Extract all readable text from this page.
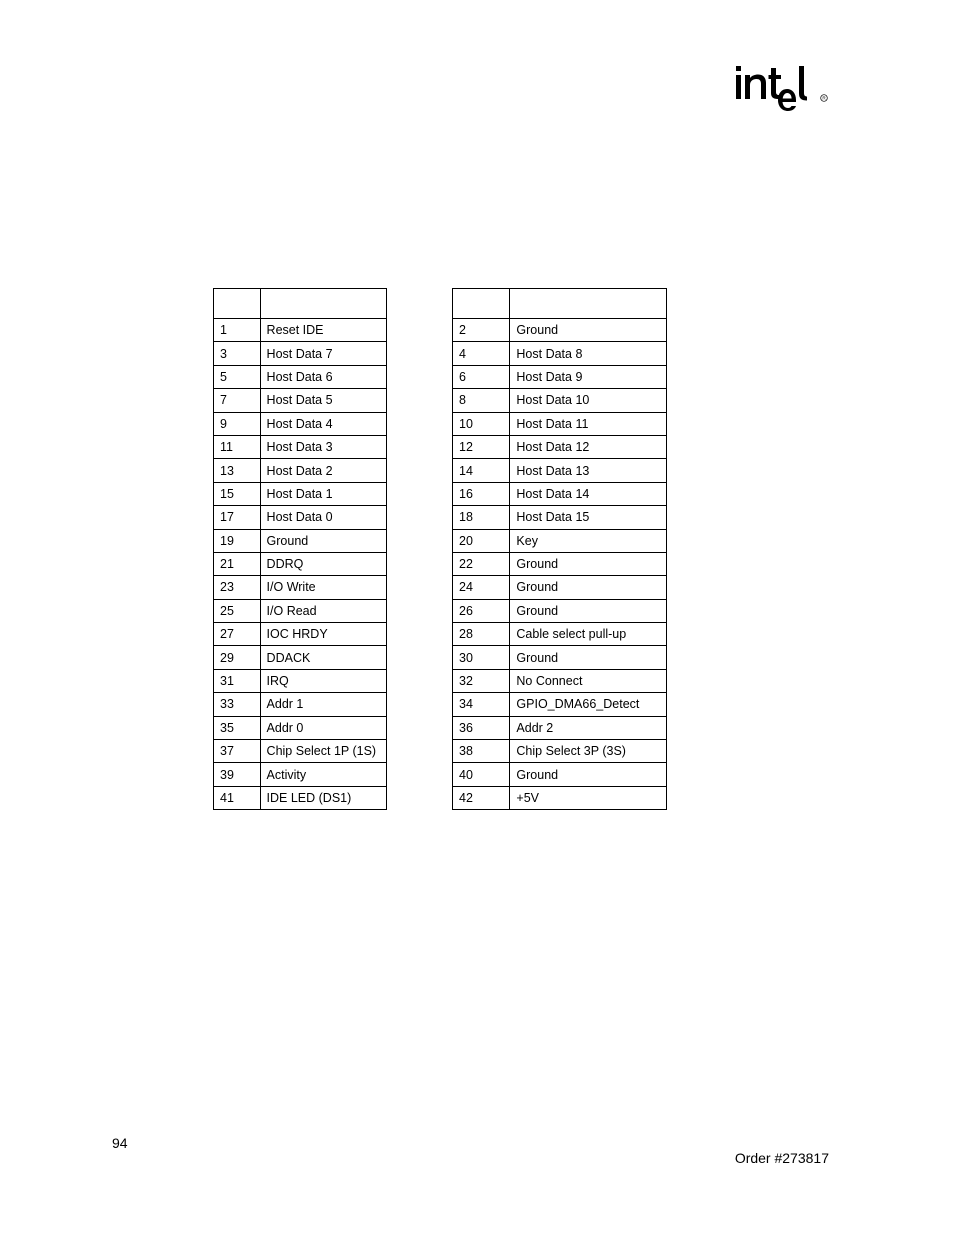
R

1	Reset IDE
3	Host Data 7
5	Host Data 6
7	Host Data 5
9	Host Data 4
11	Host Data 3
13	Host Data 2
15	Host Data 1
17	Host Data 0
19	Ground
21	DDRQ
23	I/O Write
25	I/O Read
27	IOC HRDY
29	DDACK
31	IRQ
33	Addr 1
35	Addr 0
37	Chip Select 1P (1S)
39	Activity
41	IDE LED (DS1)

2	Ground
4	Host Data 8
6	Host Data 9
8	Host Data 10
10	Host Data 11
12	Host Data 12
14	Host Data 13
16	Host Data 14
18	Host Data 15
20	Key
22	Ground
24	Ground
26	Ground
28	Cable select pull-up
30	Ground
32	No Connect
34	GPIO_DMA66_Detect
36	Addr 2
38	Chip Select 3P (3S)
40	Ground
42	+5V
94
Order #273817
